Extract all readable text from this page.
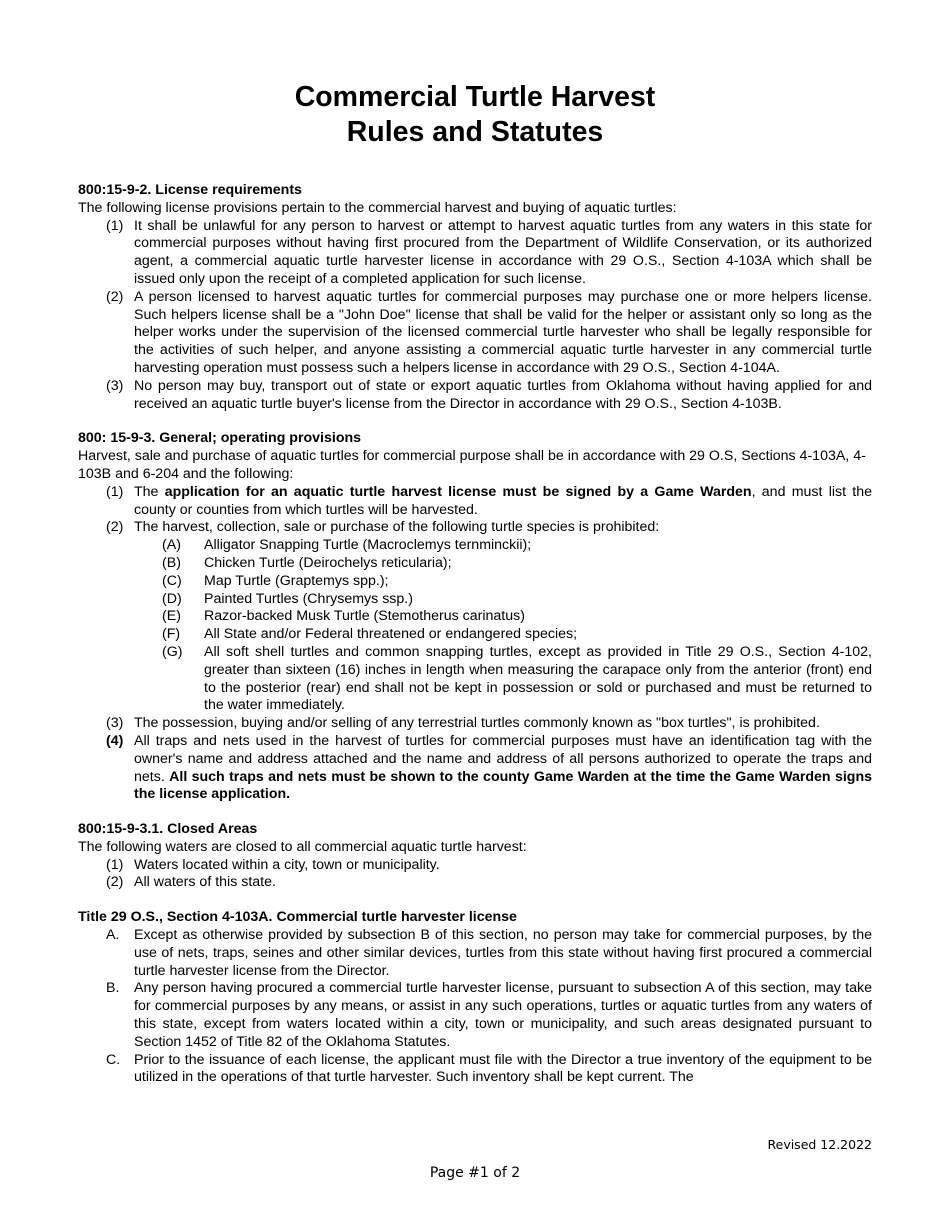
Commercial Turtle Harvest
Rules and Statutes
800:15-9-2. License requirements
The following license provisions pertain to the commercial harvest and buying of aquatic turtles:
(1) It shall be unlawful for any person to harvest or attempt to harvest aquatic turtles from any waters in this state for commercial purposes without having first procured from the Department of Wildlife Conservation, or its authorized agent, a commercial aquatic turtle harvester license in accordance with 29 O.S., Section 4-103A which shall be issued only upon the receipt of a completed application for such license.
(2) A person licensed to harvest aquatic turtles for commercial purposes may purchase one or more helpers license. Such helpers license shall be a "John Doe" license that shall be valid for the helper or assistant only so long as the helper works under the supervision of the licensed commercial turtle harvester who shall be legally responsible for the activities of such helper, and anyone assisting a commercial aquatic turtle harvester in any commercial turtle harvesting operation must possess such a helpers license in accordance with 29 O.S., Section 4-104A.
(3) No person may buy, transport out of state or export aquatic turtles from Oklahoma without having applied for and received an aquatic turtle buyer's license from the Director in accordance with 29 O.S., Section 4-103B.
800: 15-9-3. General; operating provisions
Harvest, sale and purchase of aquatic turtles for commercial purpose shall be in accordance with 29 O.S, Sections 4-103A, 4-103B and 6-204 and the following:
(1) The application for an aquatic turtle harvest license must be signed by a Game Warden, and must list the county or counties from which turtles will be harvested.
(2) The harvest, collection, sale or purchase of the following turtle species is prohibited:
(A)	Alligator Snapping Turtle (Macroclemys ternminckii);
(B)	Chicken Turtle (Deirochelys reticularia);
(C)	Map Turtle (Graptemys spp.);
(D)	Painted Turtles (Chrysemys ssp.)
(E)	Razor-backed Musk Turtle (Stemotherus carinatus)
(F)	All State and/or Federal threatened or endangered species;
(G)	All soft shell turtles and common snapping turtles, except as provided in Title 29 O.S., Section 4-102, greater than sixteen (16) inches in length when measuring the carapace only from the anterior (front) end to the posterior (rear) end shall not be kept in possession or sold or purchased and must be returned to the water immediately.
(3) The possession, buying and/or selling of any terrestrial turtles commonly known as "box turtles", is prohibited.
(4) All traps and nets used in the harvest of turtles for commercial purposes must have an identification tag with the owner's name and address attached and the name and address of all persons authorized to operate the traps and nets. All such traps and nets must be shown to the county Game Warden at the time the Game Warden signs the license application.
800:15-9-3.1. Closed Areas
The following waters are closed to all commercial aquatic turtle harvest:
(1) Waters located within a city, town or municipality.
(2) All waters of this state.
Title 29 O.S., Section 4-103A. Commercial turtle harvester license
A.	Except as otherwise provided by subsection B of this section, no person may take for commercial purposes, by the use of nets, traps, seines and other similar devices, turtles from this state without having first procured a commercial turtle harvester license from the Director.
B.	Any person having procured a commercial turtle harvester license, pursuant to subsection A of this section, may take for commercial purposes by any means, or assist in any such operations, turtles or aquatic turtles from any waters of this state, except from waters located within a city, town or municipality, and such areas designated pursuant to Section 1452 of Title 82 of the Oklahoma Statutes.
C. Prior to the issuance of each license, the applicant must file with the Director a true inventory of the equipment to be utilized in the operations of that turtle harvester. Such inventory shall be kept current. The
Revised 12.2022
Page #1 of 2
